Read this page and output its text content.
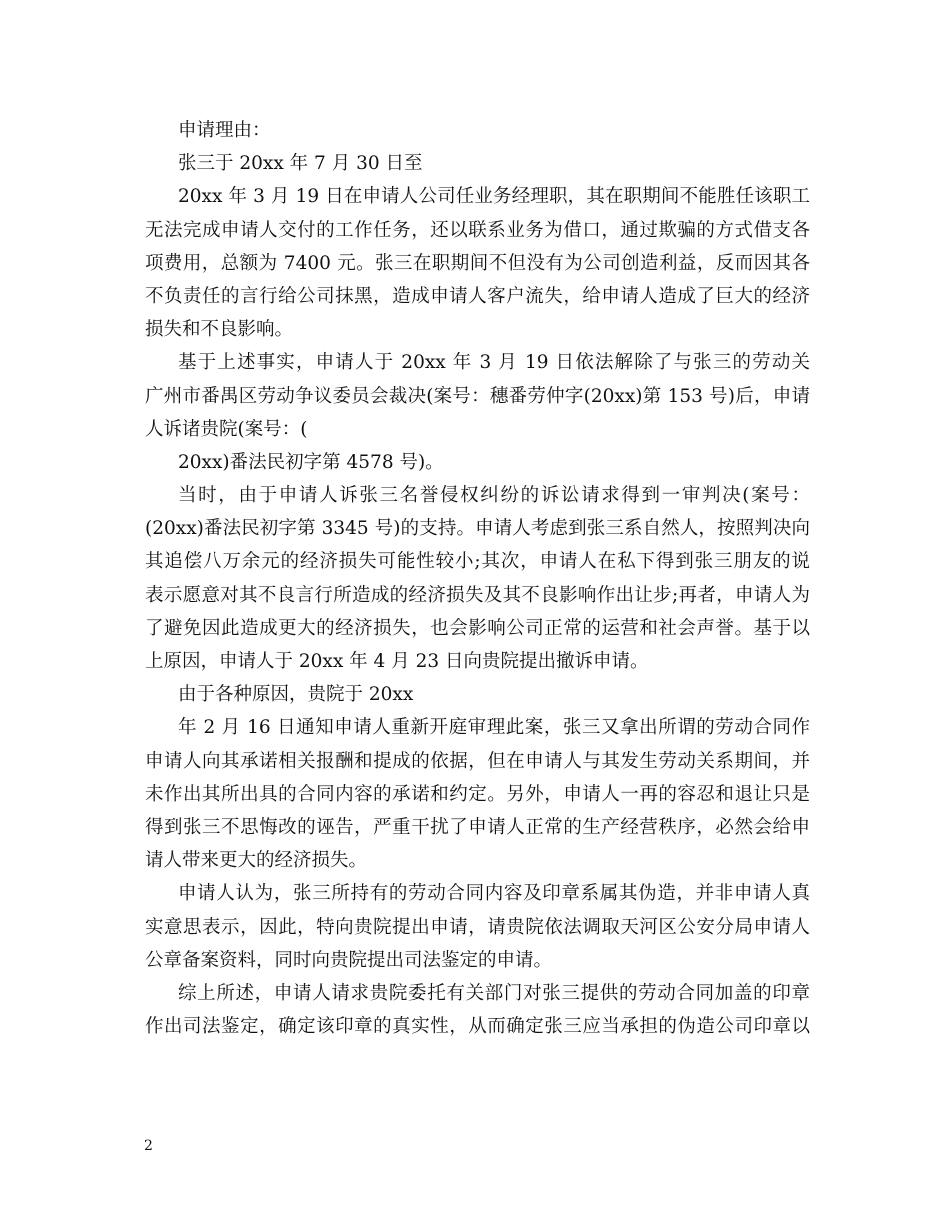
申请理由：
张三于 20xx 年 7 月 30 日至
20xx 年 3 月 19 日在申请人公司任业务经理职，其在职期间不能胜任该职工
无法完成申请人交付的工作任务，还以联系业务为借口，通过欺骗的方式借支各
项费用，总额为 7400 元。张三在职期间不但没有为公司创造利益，反而因其各
不负责任的言行给公司抹黑，造成申请人客户流失，给申请人造成了巨大的经济
损失和不良影响。
基于上述事实，申请人于 20xx 年 3 月 19 日依法解除了与张三的劳动关
广州市番禺区劳动争议委员会裁决(案号：穗番劳仲字(20xx)第 153 号)后，申请
人诉诸贵院(案号：(
20xx)番法民初字第 4578 号)。
当时，由于申请人诉张三名誉侵权纠纷的诉讼请求得到一审判决(案号：
(20xx)番法民初字第 3345 号)的支持。申请人考虑到张三系自然人，按照判决向
其追偿八万余元的经济损失可能性较小;其次，申请人在私下得到张三朋友的说
表示愿意对其不良言行所造成的经济损失及其不良影响作出让步;再者，申请人为
了避免因此造成更大的经济损失，也会影响公司正常的运营和社会声誉。基于以
上原因，申请人于 20xx 年 4 月 23 日向贵院提出撤诉申请。
由于各种原因，贵院于 20xx
年 2 月 16 日通知申请人重新开庭审理此案，张三又拿出所谓的劳动合同作
申请人向其承诺相关报酬和提成的依据，但在申请人与其发生劳动关系期间，并
未作出其所出具的合同内容的承诺和约定。另外，申请人一再的容忍和退让只是
得到张三不思悔改的诬告，严重干扰了申请人正常的生产经营秩序，必然会给申
请人带来更大的经济损失。
申请人认为，张三所持有的劳动合同内容及印章系属其伪造，并非申请人真
实意思表示，因此，特向贵院提出申请，请贵院依法调取天河区公安分局申请人
公章备案资料，同时向贵院提出司法鉴定的申请。
综上所述，申请人请求贵院委托有关部门对张三提供的劳动合同加盖的印章
作出司法鉴定，确定该印章的真实性，从而确定张三应当承担的伪造公司印章以
2
